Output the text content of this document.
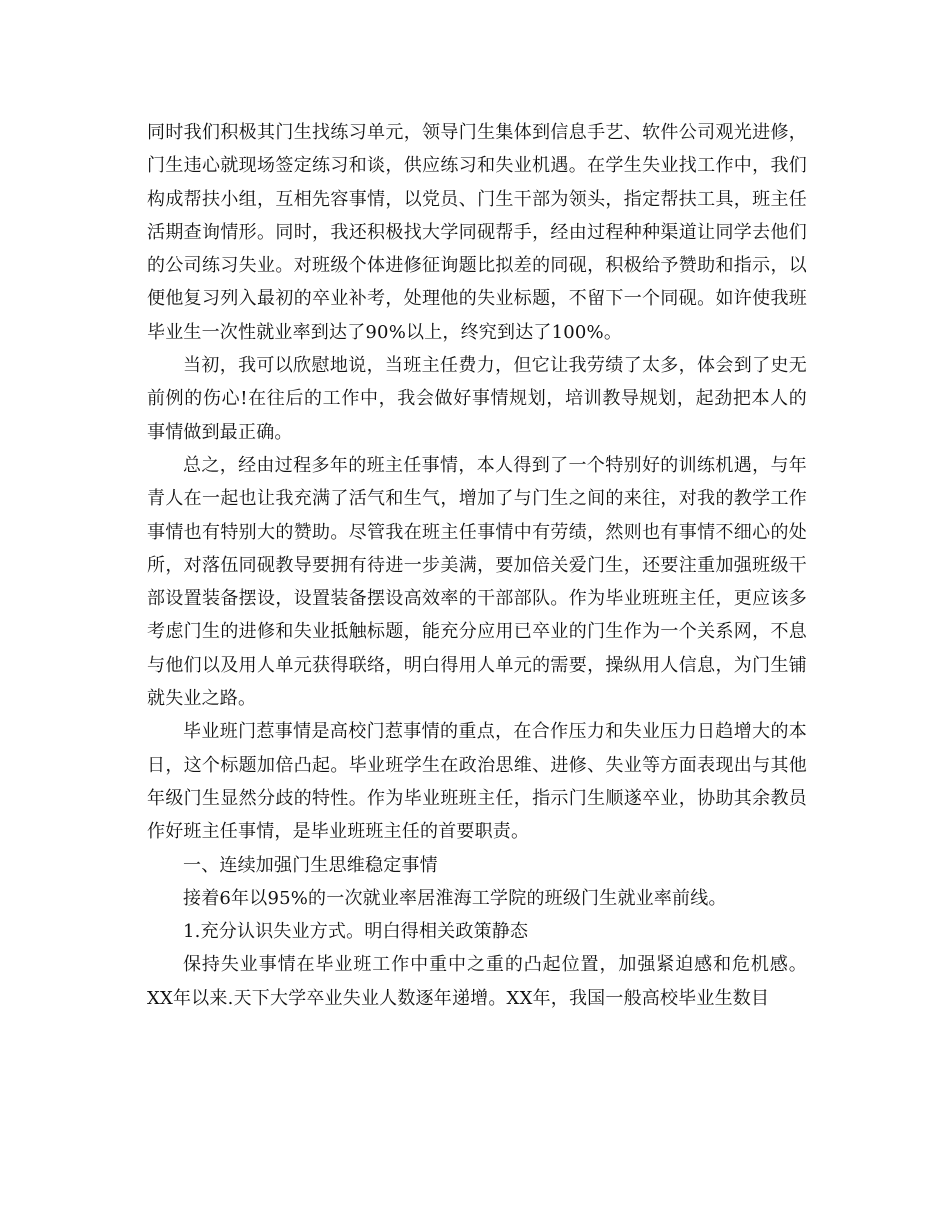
同时我们积极其门生找练习单元，领导门生集体到信息手艺、软件公司观光进修，门生违心就现场签定练习和谈，供应练习和失业机遇。在学生失业找工作中，我们构成帮扶小组，互相先容事情，以党员、门生干部为领头，指定帮扶工具，班主任活期查询情形。同时，我还积极找大学同砚帮手，经由过程种种渠道让同学去他们的公司练习失业。对班级个体进修征询题比拟差的同砚，积极给予赞助和指示，以便他复习列入最初的卒业补考，处理他的失业标题，不留下一个同砚。如许使我班毕业生一次性就业率到达了90%以上，终究到达了100%。

当初，我可以欣慰地说，当班主任费力，但它让我劳绩了太多，体会到了史无前例的伤心!在往后的工作中，我会做好事情规划，培训教导规划，起劲把本人的事情做到最正确。

总之，经由过程多年的班主任事情，本人得到了一个特别好的训练机遇，与年青人在一起也让我充满了活气和生气，增加了与门生之间的来往，对我的教学工作事情也有特别大的赞助。尽管我在班主任事情中有劳绩，然则也有事情不细心的处所，对落伍同砚教导要拥有待进一步美满，要加倍关爱门生，还要注重加强班级干部设置装备摆设，设置装备摆设高效率的干部部队。作为毕业班班主任，更应该多考虑门生的进修和失业抵触标题，能充分应用已卒业的门生作为一个关系网，不息与他们以及用人单元获得联络，明白得用人单元的需要，操纵用人信息，为门生铺就失业之路。

毕业班门惹事情是高校门惹事情的重点，在合作压力和失业压力日趋增大的本日，这个标题加倍凸起。毕业班学生在政治思维、进修、失业等方面表现出与其他年级门生显然分歧的特性。作为毕业班班主任，指示门生顺遂卒业，协助其余教员作好班主任事情，是毕业班班主任的首要职责。

一、连续加强门生思维稳定事情

接着6年以95%的一次就业率居淮海工学院的班级门生就业率前线。

1.充分认识失业方式。明白得相关政策静态

保持失业事情在毕业班工作中重中之重的凸起位置，加强紧迫感和危机感。XX年以来.天下大学卒业失业人数逐年递增。XX年，我国一般高校毕业生数目
